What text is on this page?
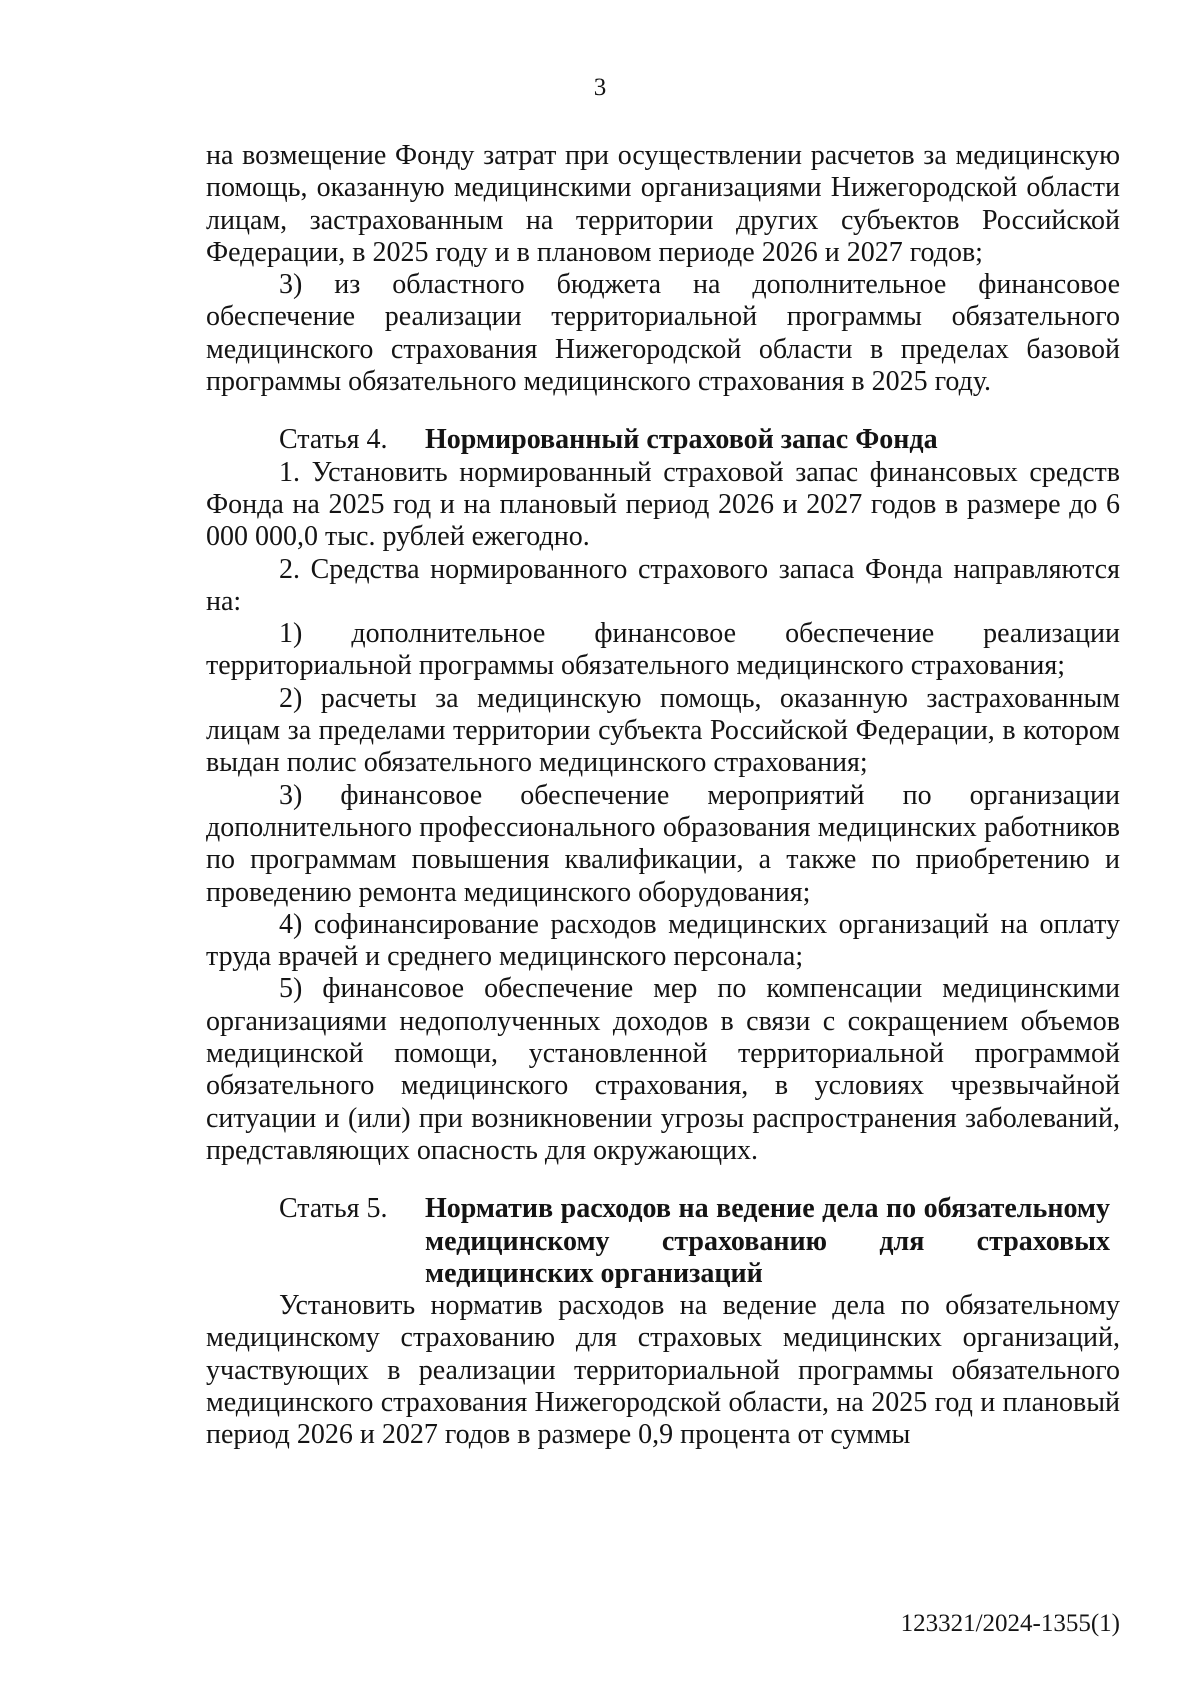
3

на возмещение Фонду затрат при осуществлении расчетов за медицинскую помощь, оказанную медицинскими организациями Нижегородской области лицам, застрахованным на территории других субъектов Российской Федерации, в 2025 году и в плановом периоде 2026 и 2027 годов;

3) из областного бюджета на дополнительное финансовое обеспечение реализации территориальной программы обязательного медицинского страхования Нижегородской области в пределах базовой программы обязательного медицинского страхования в 2025 году.

Статья 4.	Нормированный страховой запас Фонда

1. Установить нормированный страховой запас финансовых средств Фонда на 2025 год и на плановый период 2026 и 2027 годов в размере до 6 000 000,0 тыс. рублей ежегодно.

2. Средства нормированного страхового запаса Фонда направляются на:

1) дополнительное финансовое обеспечение реализации территориальной программы обязательного медицинского страхования;

2) расчеты за медицинскую помощь, оказанную застрахованным лицам за пределами территории субъекта Российской Федерации, в котором выдан полис обязательного медицинского страхования;

3) финансовое обеспечение мероприятий по организации дополнительного профессионального образования медицинских работников по программам повышения квалификации, а также по приобретению и проведению ремонта медицинского оборудования;

4) софинансирование расходов медицинских организаций на оплату труда врачей и среднего медицинского персонала;

5) финансовое обеспечение мер по компенсации медицинскими организациями недополученных доходов в связи с сокращением объемов медицинской помощи, установленной территориальной программой обязательного медицинского страхования, в условиях чрезвычайной ситуации и (или) при возникновении угрозы распространения заболеваний, представляющих опасность для окружающих.

Статья 5.	Норматив расходов на ведение дела по обязательному медицинскому страхованию для страховых медицинских организаций

Установить норматив расходов на ведение дела по обязательному медицинскому страхованию для страховых медицинских организаций, участвующих в реализации территориальной программы обязательного медицинского страхования Нижегородской области, на 2025 год и плановый период 2026 и 2027 годов в размере 0,9 процента от суммы

123321/2024-1355(1)
